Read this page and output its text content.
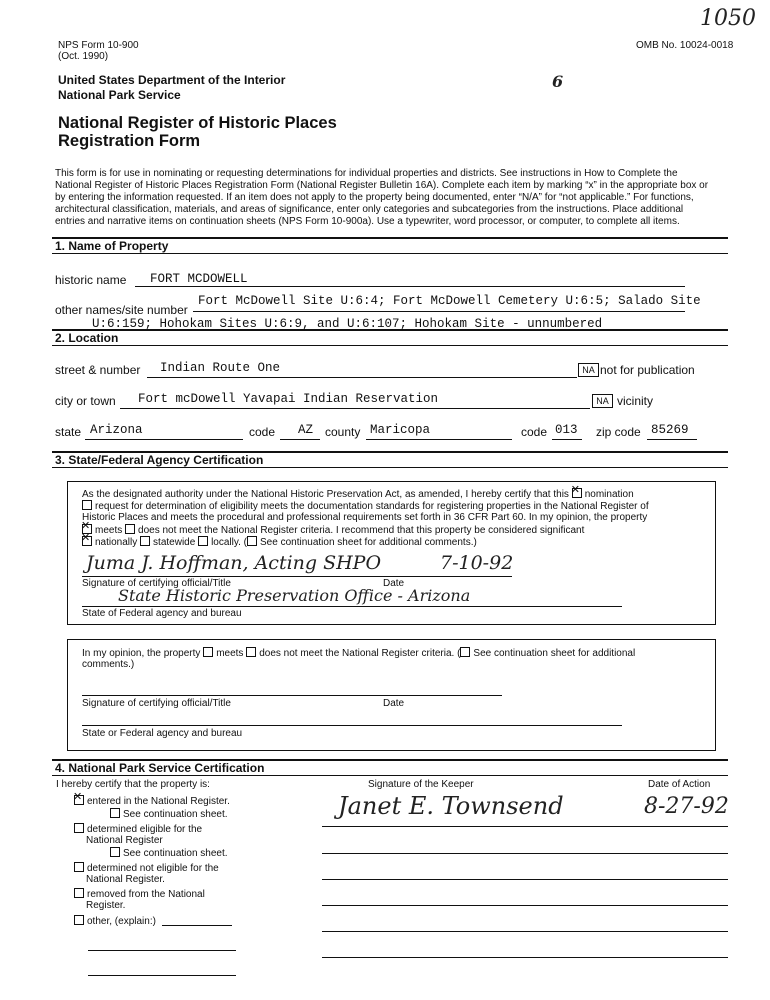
1050
NPS Form 10-900
(Oct. 1990)
OMB No. 10024-0018
6
United States Department of the Interior
National Park Service
National Register of Historic Places
Registration Form
This form is for use in nominating or requesting determinations for individual properties and districts. See instructions in How to Complete the
National Register of Historic Places Registration Form (National Register Bulletin 16A). Complete each item by marking “x” in the appropriate box or
by entering the information requested. If an item does not apply to the property being documented, enter “N/A” for “not applicable.” For functions,
architectural classification, materials, and areas of significance, enter only categories and subcategories from the instructions. Place additional
entries and narrative items on continuation sheets (NPS Form 10-900a). Use a typewriter, word processor, or computer, to complete all items.
1. Name of Property
historic name FORT MCDOWELL
other names/site number
Fort McDowell Site U:6:4; Fort McDowell Cemetery U:6:5; Salado Site
U:6:159; Hohokam Sites U:6:9, and U:6:107; Hohokam Site - unnumbered
2. Location
street & number Indian Route One	NA not for publication
city or town Fort mcDowell Yavapai Indian Reservation	NA vicinity
state Arizona	code AZ county Maricopa	code 013 zip code 85269
3. State/Federal Agency Certification
As the designated authority under the National Historic Preservation Act, as amended, I hereby certify that this ✕ nomination
request for determination of eligibility meets the documentation standards for registering properties in the National Register of
Historic Places and meets the procedural and professional requirements set forth in 36 CFR Part 60. In my opinion, the property
✕meets does not meet the National Register criteria. I recommend that this property be considered significant
✕nationally statewide locally. ( See continuation sheet for additional comments.)
Juma J. Hoffman, Acting SHPO	7-10-92
Signature of certifying official/Title	Date
State Historic Preservation Office - Arizona
State of Federal agency and bureau
In my opinion, the property meets does not meet the National Register criteria. ( See continuation sheet for additional
comments.)
Signature of certifying official/Title	Date
State or Federal agency and bureau
4. National Park Service Certification
I hereby certify that the property is:	Signature of the Keeper	Date of Action
✕entered in the National Register.
See continuation sheet.
determined eligible for the
National Register
See continuation sheet.
determined not eligible for the
National Register.
removed from the National
Register.
other, (explain:)
Janet E. Townsend	8-27-92
